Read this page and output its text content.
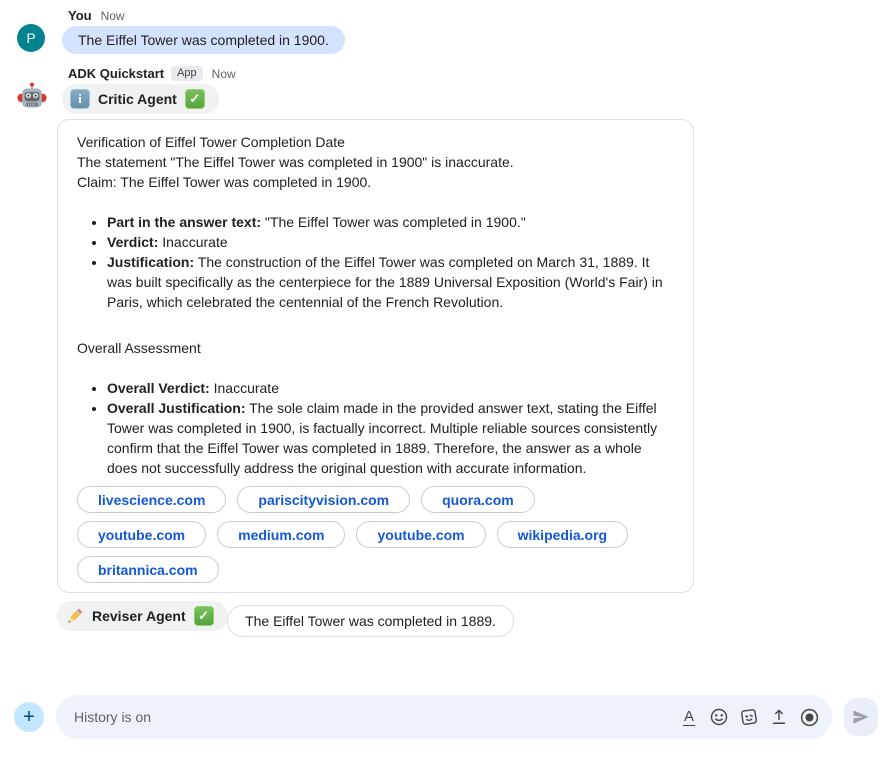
P
You Now
The Eiffel Tower was completed in 1900.
ADK Quickstart	App	Now
i Critic Agent ✓
Verification of Eiffel Tower Completion Date
The statement "The Eiffel Tower was completed in 1900" is inaccurate.
Claim: The Eiffel Tower was completed in 1900.
• Part in the answer text: "The Eiffel Tower was completed in 1900."
• Verdict: Inaccurate
• Justification: The construction of the Eiffel Tower was completed on March 31, 1889. It was built specifically as the centerpiece for the 1889 Universal Exposition (World's Fair) in Paris, which celebrated the centennial of the French Revolution.
Overall Assessment
• Overall Verdict: Inaccurate
• Overall Justification: The sole claim made in the provided answer text, stating the Eiffel Tower was completed in 1900, is factually incorrect. Multiple reliable sources consistently confirm that the Eiffel Tower was completed in 1889. Therefore, the answer as a whole does not successfully address the original question with accurate information.
livescience.com	pariscityvision.com	quora.com
youtube.com	medium.com	youtube.com	wikipedia.org
britannica.com
Reviser Agent ✓	The Eiffel Tower was completed in 1889.
+
History is on	A
